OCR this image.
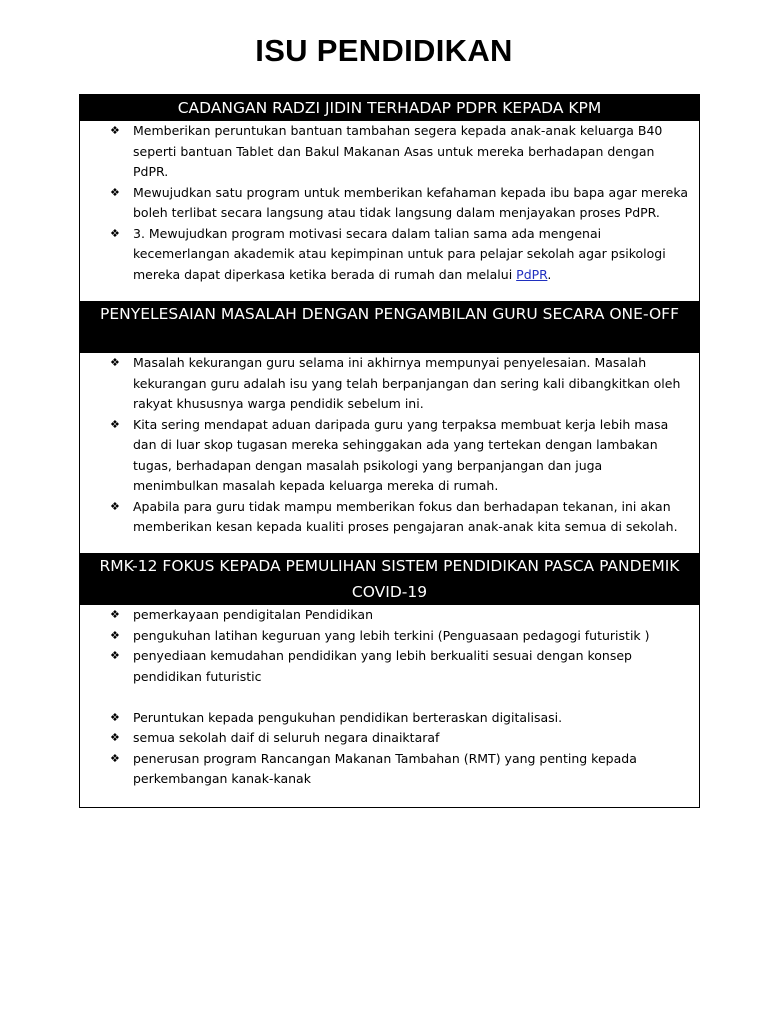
ISU PENDIDIKAN
CADANGAN RADZI JIDIN TERHADAP PDPR KEPADA KPM
❖ Memberikan peruntukan bantuan tambahan segera kepada anak-anak keluarga B40 seperti bantuan Tablet dan Bakul Makanan Asas untuk mereka berhadapan dengan PdPR.
❖ Mewujudkan satu program untuk memberikan kefahaman kepada ibu bapa agar mereka boleh terlibat secara langsung atau tidak langsung dalam menjayakan proses PdPR.
❖ 3. Mewujudkan program motivasi secara dalam talian sama ada mengenai kecemerlangan akademik atau kepimpinan untuk para pelajar sekolah agar psikologi mereka dapat diperkasa ketika berada di rumah dan melalui PdPR.
PENYELESAIAN MASALAH DENGAN PENGAMBILAN GURU SECARA ONE-OFF
❖ Masalah kekurangan guru selama ini akhirnya mempunyai penyelesaian. Masalah kekurangan guru adalah isu yang telah berpanjangan dan sering kali dibangkitkan oleh rakyat khususnya warga pendidik sebelum ini.
❖ Kita sering mendapat aduan daripada guru yang terpaksa membuat kerja lebih masa dan di luar skop tugasan mereka sehinggakan ada yang tertekan dengan lambakan tugas, berhadapan dengan masalah psikologi yang berpanjangan dan juga menimbulkan masalah kepada keluarga mereka di rumah.
❖ Apabila para guru tidak mampu memberikan fokus dan berhadapan tekanan, ini akan memberikan kesan kepada kualiti proses pengajaran anak-anak kita semua di sekolah.
RMK-12 FOKUS KEPADA PEMULIHAN SISTEM PENDIDIKAN PASCA PANDEMIK COVID-19
❖ pemerkayaan pendigitalan Pendidikan
❖ pengukuhan latihan keguruan yang lebih terkini (Penguasaan pedagogi futuristik )
❖ penyediaan kemudahan pendidikan yang lebih berkualiti sesuai dengan konsep pendidikan futuristic
❖ Peruntukan kepada pengukuhan pendidikan berteraskan digitalisasi.
❖ semua sekolah daif di seluruh negara dinaiktaraf
❖ penerusan program Rancangan Makanan Tambahan (RMT) yang penting kepada perkembangan kanak-kanak
